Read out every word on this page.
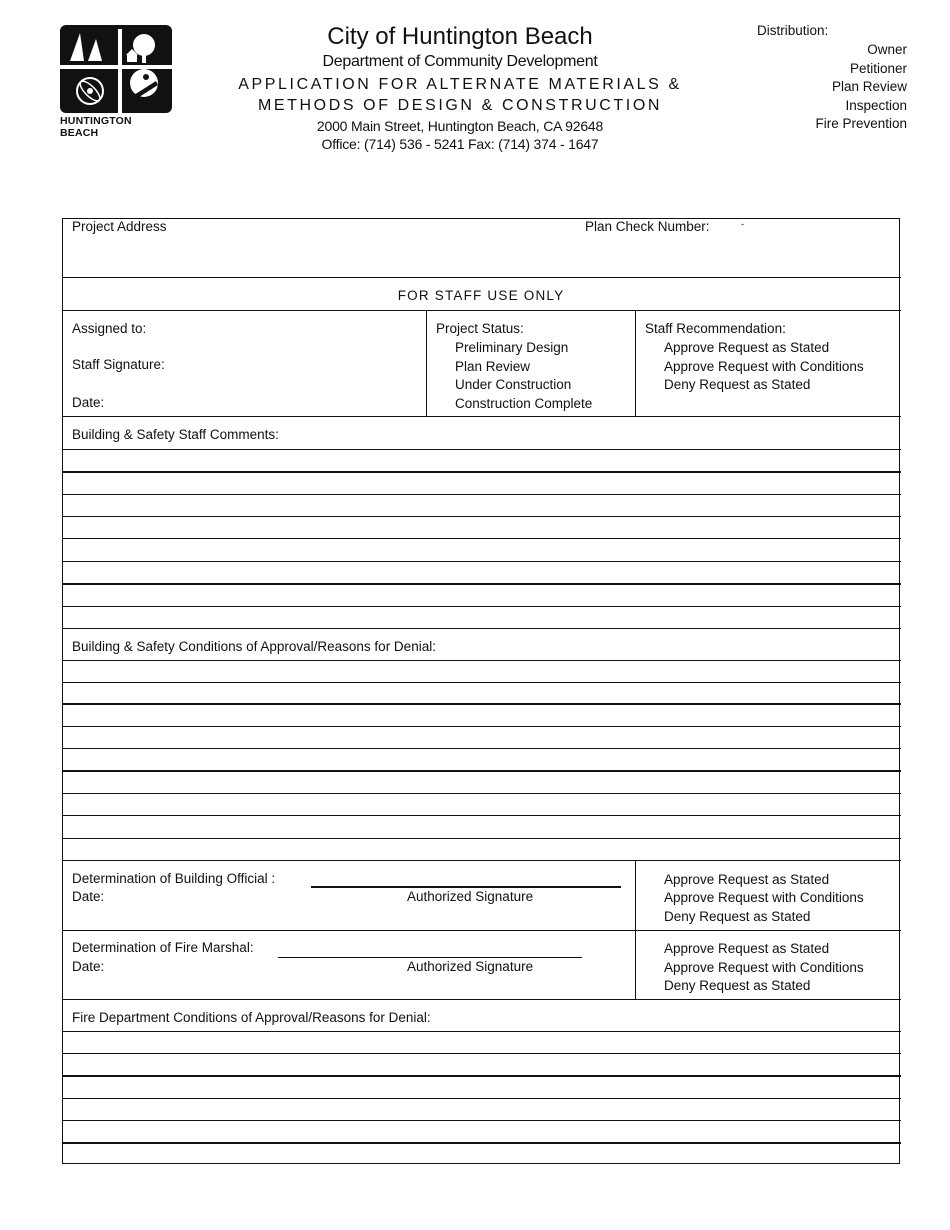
HUNTINGTON BEACH
City of Huntington Beach
Department of Community Development
APPLICATION FOR ALTERNATE MATERIALS &
METHODS OF DESIGN & CONSTRUCTION
2000 Main Street, Huntington Beach, CA 92648
Office: (714) 536 - 5241 Fax: (714) 374 - 1647
Distribution:
Owner
Petitioner
Plan Review
Inspection
Fire Prevention
Project Address	Plan Check Number:	-
FOR STAFF USE ONLY
Assigned to:
Staff Signature:
Date:
Project Status:
Preliminary Design
Plan Review
Under Construction
Construction Complete
Staff Recommendation:
Approve Request as Stated
Approve Request with Conditions
Deny Request as Stated
Building & Safety Staff Comments:
Building & Safety Conditions of Approval/Reasons for Denial:
Determination of Building Official :
Date:	Authorized Signature
Approve Request as Stated
Approve Request with Conditions
Deny Request as Stated
Determination of Fire Marshal:
Date:	Authorized Signature
Approve Request as Stated
Approve Request with Conditions
Deny Request as Stated
Fire Department Conditions of Approval/Reasons for Denial:
